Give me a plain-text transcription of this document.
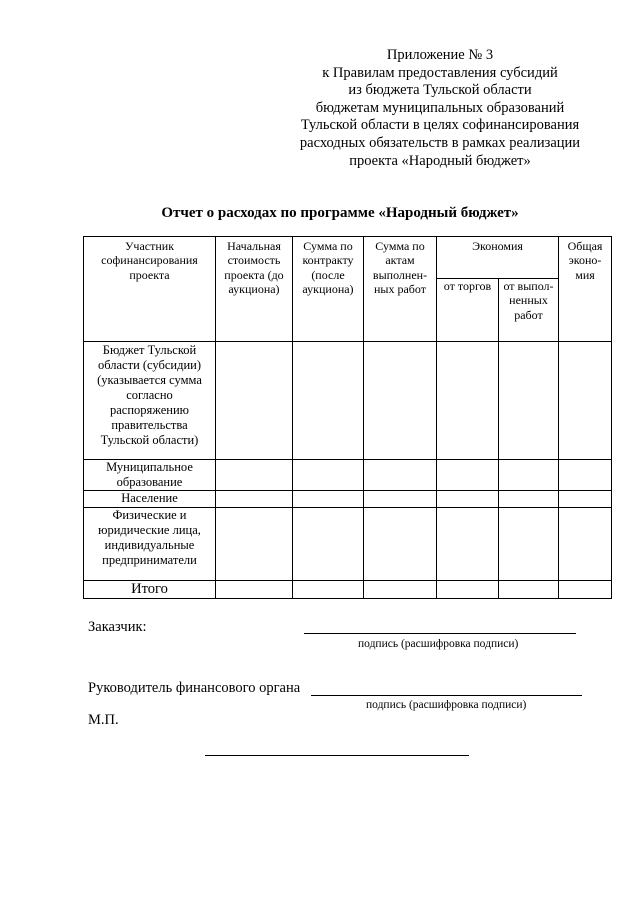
Приложение № 3
к Правилам предоставления субсидий
из бюджета Тульской области
бюджетам муниципальных образований
Тульской области в целях софинансирования
расходных обязательств в рамках реализации
проекта «Народный бюджет»
Отчет о расходах по программе «Народный бюджет»
Участник софинансирования проекта	Начальная стоимость проекта (до аукциона)	Сумма по контракту (после аукциона)	Сумма по актам выполнен-ных работ	Экономия		Общая эконо-мия
				от торгов	от выпол-ненных работ	
Бюджет Тульской области (субсидии) (указывается сумма согласно распоряжению правительства Тульской области)						
Муниципальное образование						
Население						
Физические и юридические лица, индивидуальные предприниматели						
Итого						
Заказчик:
подпись (расшифровка подписи)
Руководитель финансового органа
подпись (расшифровка подписи)
М.П.
